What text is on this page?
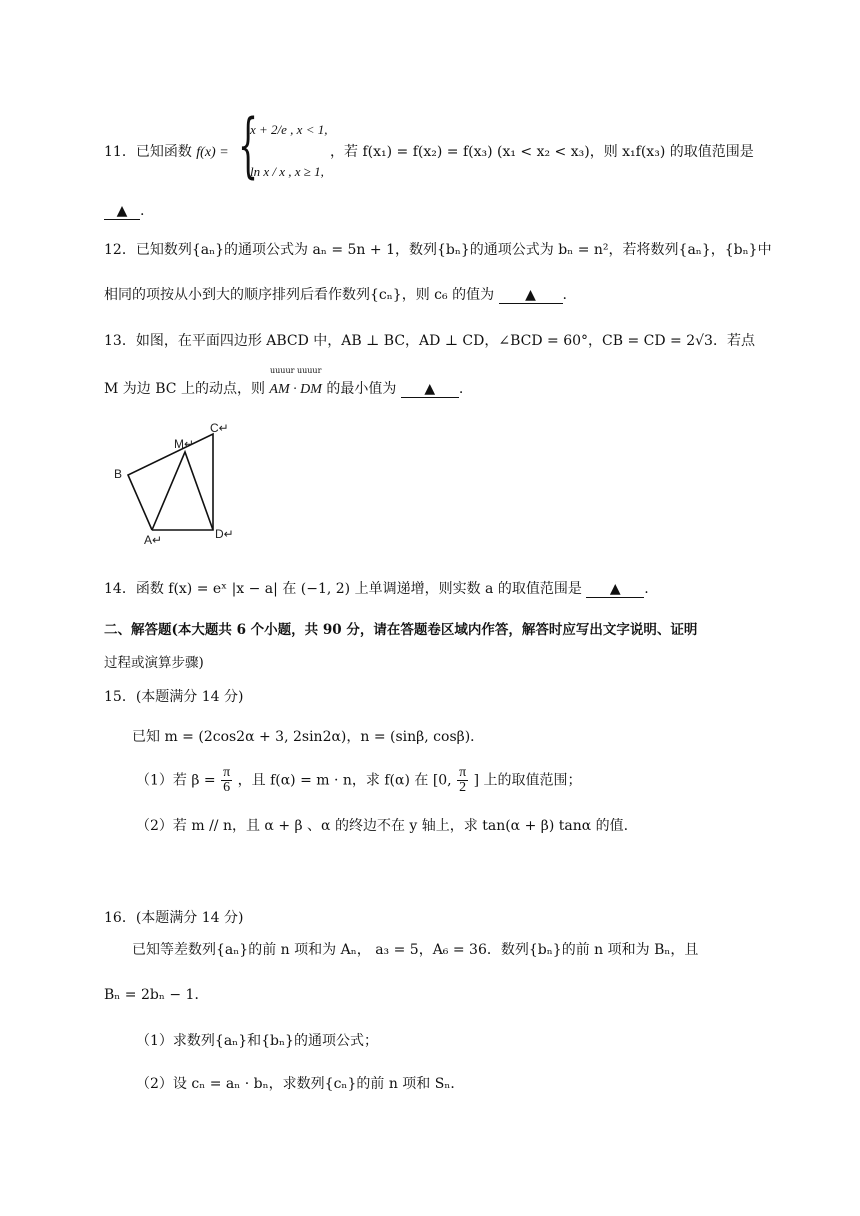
11．已知函数 f(x) = {
x + 2/e , x < 1,
ln x / x , x ≥ 1,
，若 f(x₁) = f(x₂) = f(x₃) (x₁ < x₂ < x₃)，则 x₁f(x₃) 的取值范围是
▲ .
12．已知数列{aₙ}的通项公式为 aₙ = 5n + 1，数列{bₙ}的通项公式为 bₙ = n²，若将数列{aₙ}，{bₙ}中
相同的项按从小到大的顺序排列后看作数列{cₙ}，则 c₆ 的值为 ▲ .
13．如图，在平面四边形 ABCD 中，AB ⊥ BC，AD ⊥ CD，∠BCD = 60°，CB = CD = 2√3．若点
uuuur uuuur
M 为边 BC 上的动点，则 AM · DM 的最小值为 ▲ .
A↵
B
C↵
D↵
M↵
14．函数 f(x) = eˣ |x − a| 在 (−1, 2) 上单调递增，则实数 a 的取值范围是 ▲ .
二、解答题(本大题共 6 个小题，共 90 分，请在答题卷区域内作答，解答时应写出文字说明、证明
过程或演算步骤)
15．(本题满分 14 分)
已知 m = (2cos2α + 3, 2sin2α)，n = (sinβ, cosβ)．
（1）若 $\beta = \frac{\pi}{6}$ ，且 f(α) = m · n，求 f(α) 在 [0, $\frac{\pi}{2}$ ] 上的取值范围；
（2）若 m // n，且 α + β 、α 的终边不在 y 轴上，求 tan(α + β) tanα 的值.
16．(本题满分 14 分)
已知等差数列{aₙ}的前 n 项和为 Aₙ， a₃ = 5，A₆ = 36．数列{bₙ}的前 n 项和为 Bₙ，且
Bₙ = 2bₙ − 1．
（1）求数列{aₙ}和{bₙ}的通项公式；
（2）设 cₙ = aₙ · bₙ，求数列{cₙ}的前 n 项和 Sₙ．
